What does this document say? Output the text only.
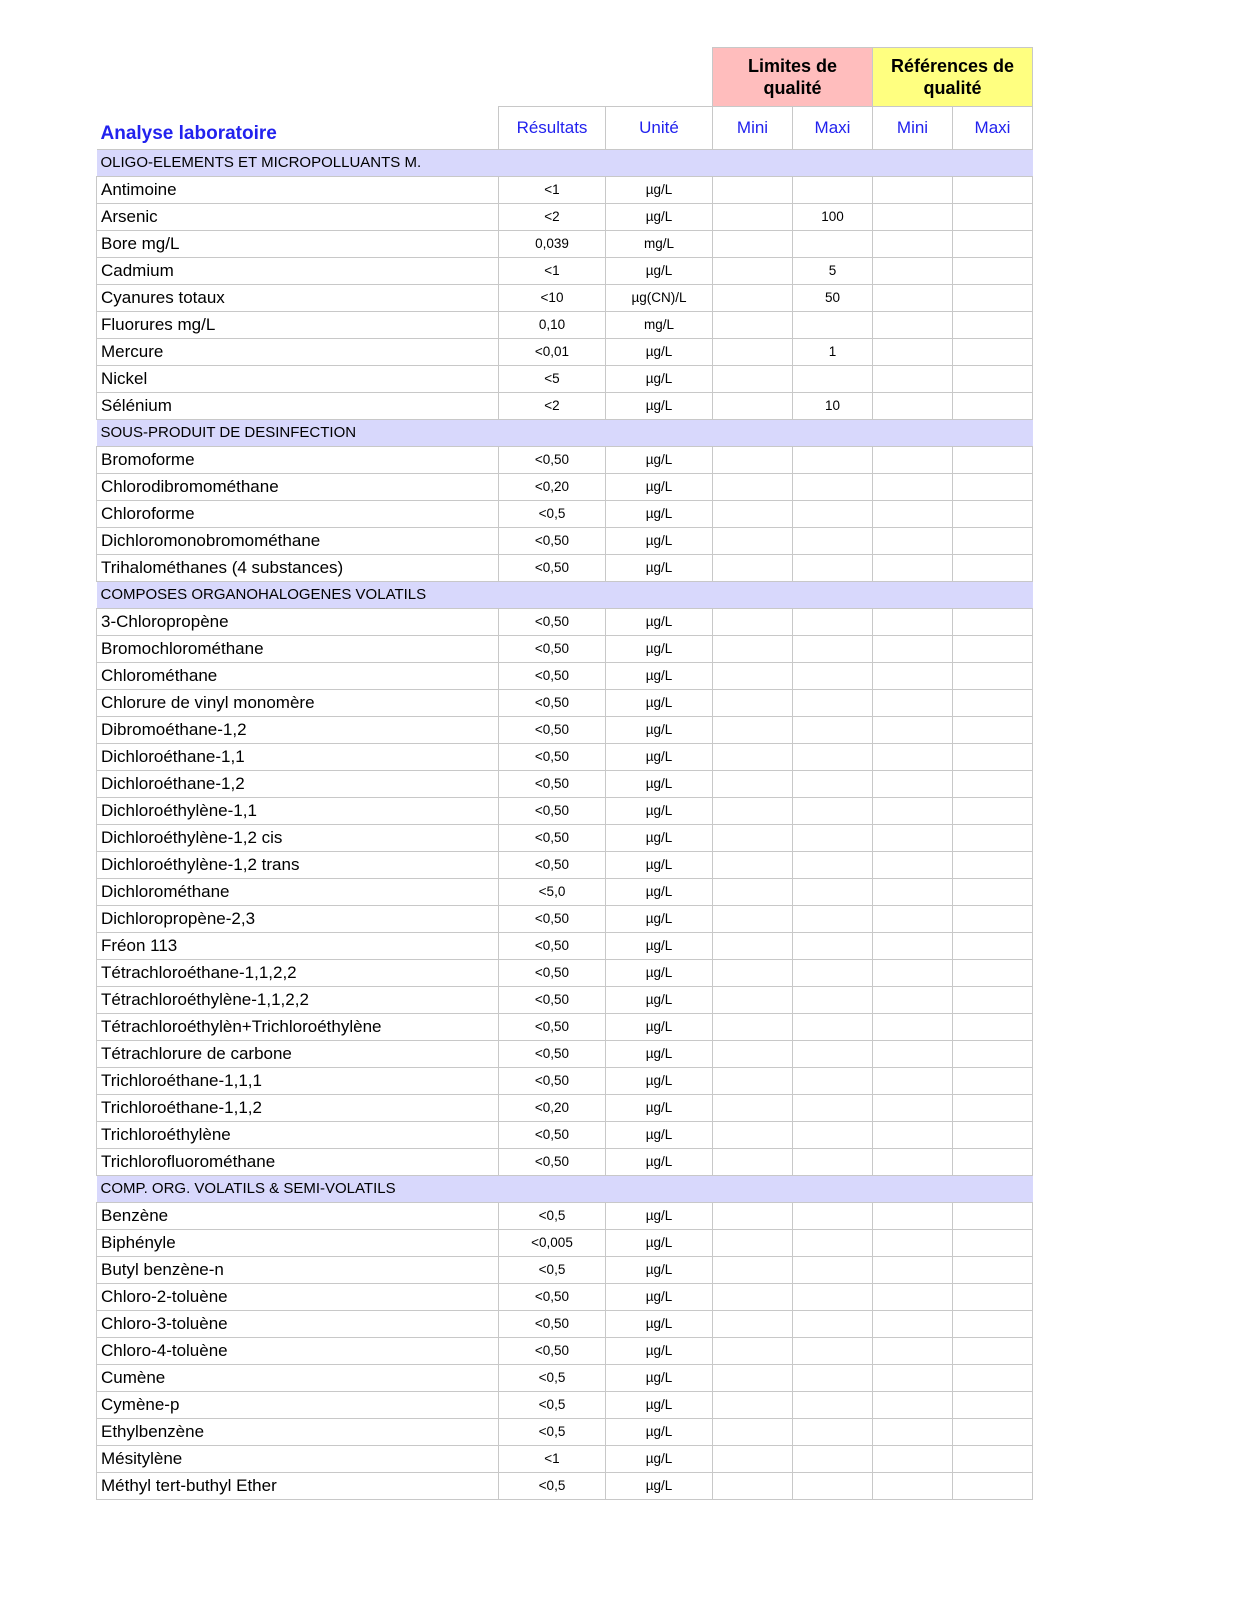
			Limites de qualité		Références de qualité	
Analyse laboratoire	Résultats	Unité	Mini	Maxi	Mini	Maxi
OLIGO-ELEMENTS ET MICROPOLLUANTS M.						
Antimoine	<1	µg/L				
Arsenic	<2	µg/L		100		
Bore mg/L	0,039	mg/L				
Cadmium	<1	µg/L		5		
Cyanures totaux	<10	µg(CN)/L		50		
Fluorures mg/L	0,10	mg/L				
Mercure	<0,01	µg/L		1		
Nickel	<5	µg/L				
Sélénium	<2	µg/L		10		
SOUS-PRODUIT DE DESINFECTION						
Bromoforme	<0,50	µg/L				
Chlorodibromométhane	<0,20	µg/L				
Chloroforme	<0,5	µg/L				
Dichloromonobromométhane	<0,50	µg/L				
Trihalométhanes (4 substances)	<0,50	µg/L				
COMPOSES ORGANOHALOGENES VOLATILS						
3-Chloropropène	<0,50	µg/L				
Bromochlorométhane	<0,50	µg/L				
Chlorométhane	<0,50	µg/L				
Chlorure de vinyl monomère	<0,50	µg/L				
Dibromoéthane-1,2	<0,50	µg/L				
Dichloroéthane-1,1	<0,50	µg/L				
Dichloroéthane-1,2	<0,50	µg/L				
Dichloroéthylène-1,1	<0,50	µg/L				
Dichloroéthylène-1,2 cis	<0,50	µg/L				
Dichloroéthylène-1,2 trans	<0,50	µg/L				
Dichlorométhane	<5,0	µg/L				
Dichloropropène-2,3	<0,50	µg/L				
Fréon 113	<0,50	µg/L				
Tétrachloroéthane-1,1,2,2	<0,50	µg/L				
Tétrachloroéthylène-1,1,2,2	<0,50	µg/L				
Tétrachloroéthylèn+Trichloroéthylène	<0,50	µg/L				
Tétrachlorure de carbone	<0,50	µg/L				
Trichloroéthane-1,1,1	<0,50	µg/L				
Trichloroéthane-1,1,2	<0,20	µg/L				
Trichloroéthylène	<0,50	µg/L				
Trichlorofluorométhane	<0,50	µg/L				
COMP. ORG. VOLATILS & SEMI-VOLATILS						
Benzène	<0,5	µg/L				
Biphényle	<0,005	µg/L				
Butyl benzène-n	<0,5	µg/L				
Chloro-2-toluène	<0,50	µg/L				
Chloro-3-toluène	<0,50	µg/L				
Chloro-4-toluène	<0,50	µg/L				
Cumène	<0,5	µg/L				
Cymène-p	<0,5	µg/L				
Ethylbenzène	<0,5	µg/L				
Mésitylène	<1	µg/L				
Méthyl tert-buthyl Ether	<0,5	µg/L				
